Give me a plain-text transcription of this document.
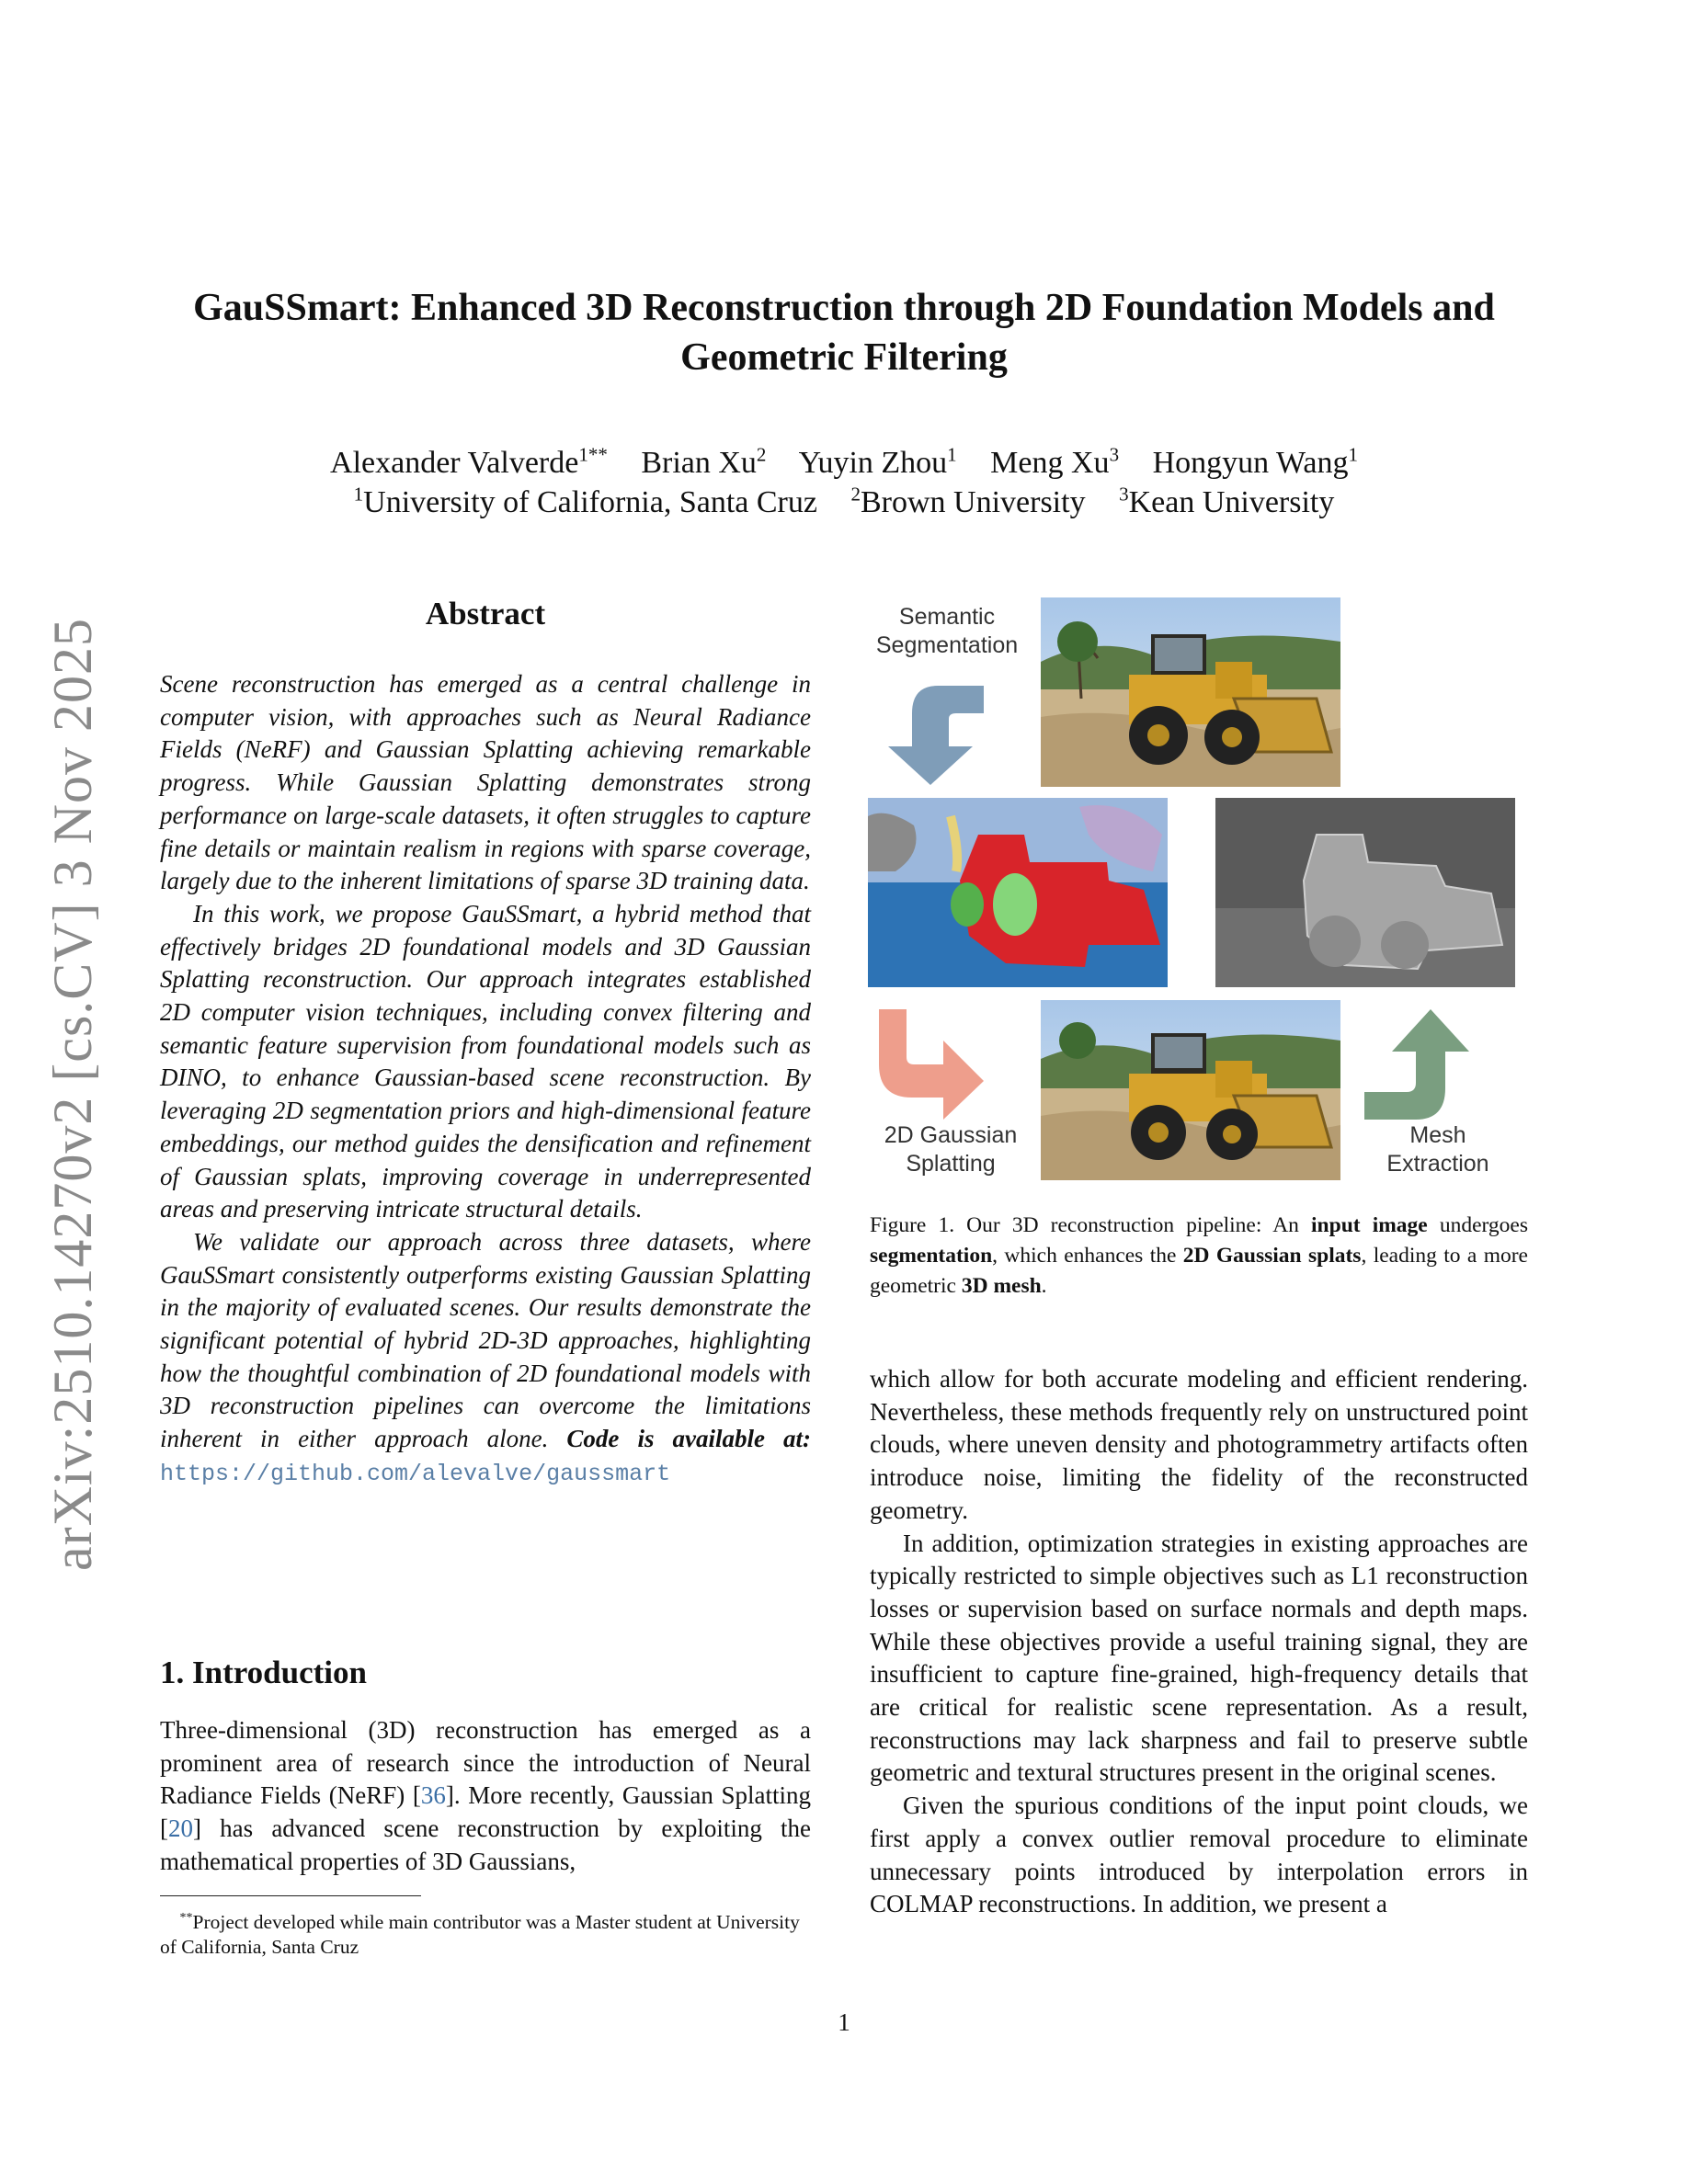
arXiv:2510.14270v2 [cs.CV] 3 Nov 2025
GauSSmart: Enhanced 3D Reconstruction through 2D Foundation Models and Geometric Filtering
Alexander Valverde$^{1**}$ Brian Xu$^2$ Yuyin Zhou$^1$ Meng Xu$^3$ Hongyun Wang$^1$
$^1$University of California, Santa Cruz $^2$Brown University $^3$Kean University
Abstract

Scene reconstruction has emerged as a central challenge in computer vision, with approaches such as Neural Radiance Fields (NeRF) and Gaussian Splatting achieving remarkable progress. While Gaussian Splatting demonstrates strong performance on large-scale datasets, it often struggles to capture fine details or maintain realism in regions with sparse coverage, largely due to the inherent limitations of sparse 3D training data.

In this work, we propose GauSSmart, a hybrid method that effectively bridges 2D foundational models and 3D Gaussian Splatting reconstruction. Our approach integrates established 2D computer vision techniques, including convex filtering and semantic feature supervision from foundational models such as DINO, to enhance Gaussian-based scene reconstruction. By leveraging 2D segmentation priors and high-dimensional feature embeddings, our method guides the densification and refinement of Gaussian splats, improving coverage in underrepresented areas and preserving intricate structural details.

We validate our approach across three datasets, where GauSSmart consistently outperforms existing Gaussian Splatting in the majority of evaluated scenes. Our results demonstrate the significant potential of hybrid 2D-3D approaches, highlighting how the thoughtful combination of 2D foundational models with 3D reconstruction pipelines can overcome the limitations inherent in either approach alone. Code is available at: https://github.com/alevalve/gaussmart

1. Introduction

Three-dimensional (3D) reconstruction has emerged as a prominent area of research since the introduction of Neural Radiance Fields (NeRF) [36]. More recently, Gaussian Splatting [20] has advanced scene reconstruction by exploiting the mathematical properties of 3D Gaussians,

**Project developed while main contributor was a Master student at University of California, Santa Cruz
Semantic
Segmentation
2D Gaussian
Splatting
Mesh
Extraction
Figure 1. Our 3D reconstruction pipeline: An input image undergoes segmentation, which enhances the 2D Gaussian splats, leading to a more geometric 3D mesh.

which allow for both accurate modeling and efficient rendering. Nevertheless, these methods frequently rely on unstructured point clouds, where uneven density and photogrammetry artifacts often introduce noise, limiting the fidelity of the reconstructed geometry.

In addition, optimization strategies in existing approaches are typically restricted to simple objectives such as L1 reconstruction losses or supervision based on surface normals and depth maps. While these objectives provide a useful training signal, they are insufficient to capture fine-grained, high-frequency details that are critical for realistic scene representation. As a result, reconstructions may lack sharpness and fail to preserve subtle geometric and textural structures present in the original scenes.

Given the spurious conditions of the input point clouds, we first apply a convex outlier removal procedure to eliminate unnecessary points introduced by interpolation errors in COLMAP reconstructions. In addition, we present a

1
